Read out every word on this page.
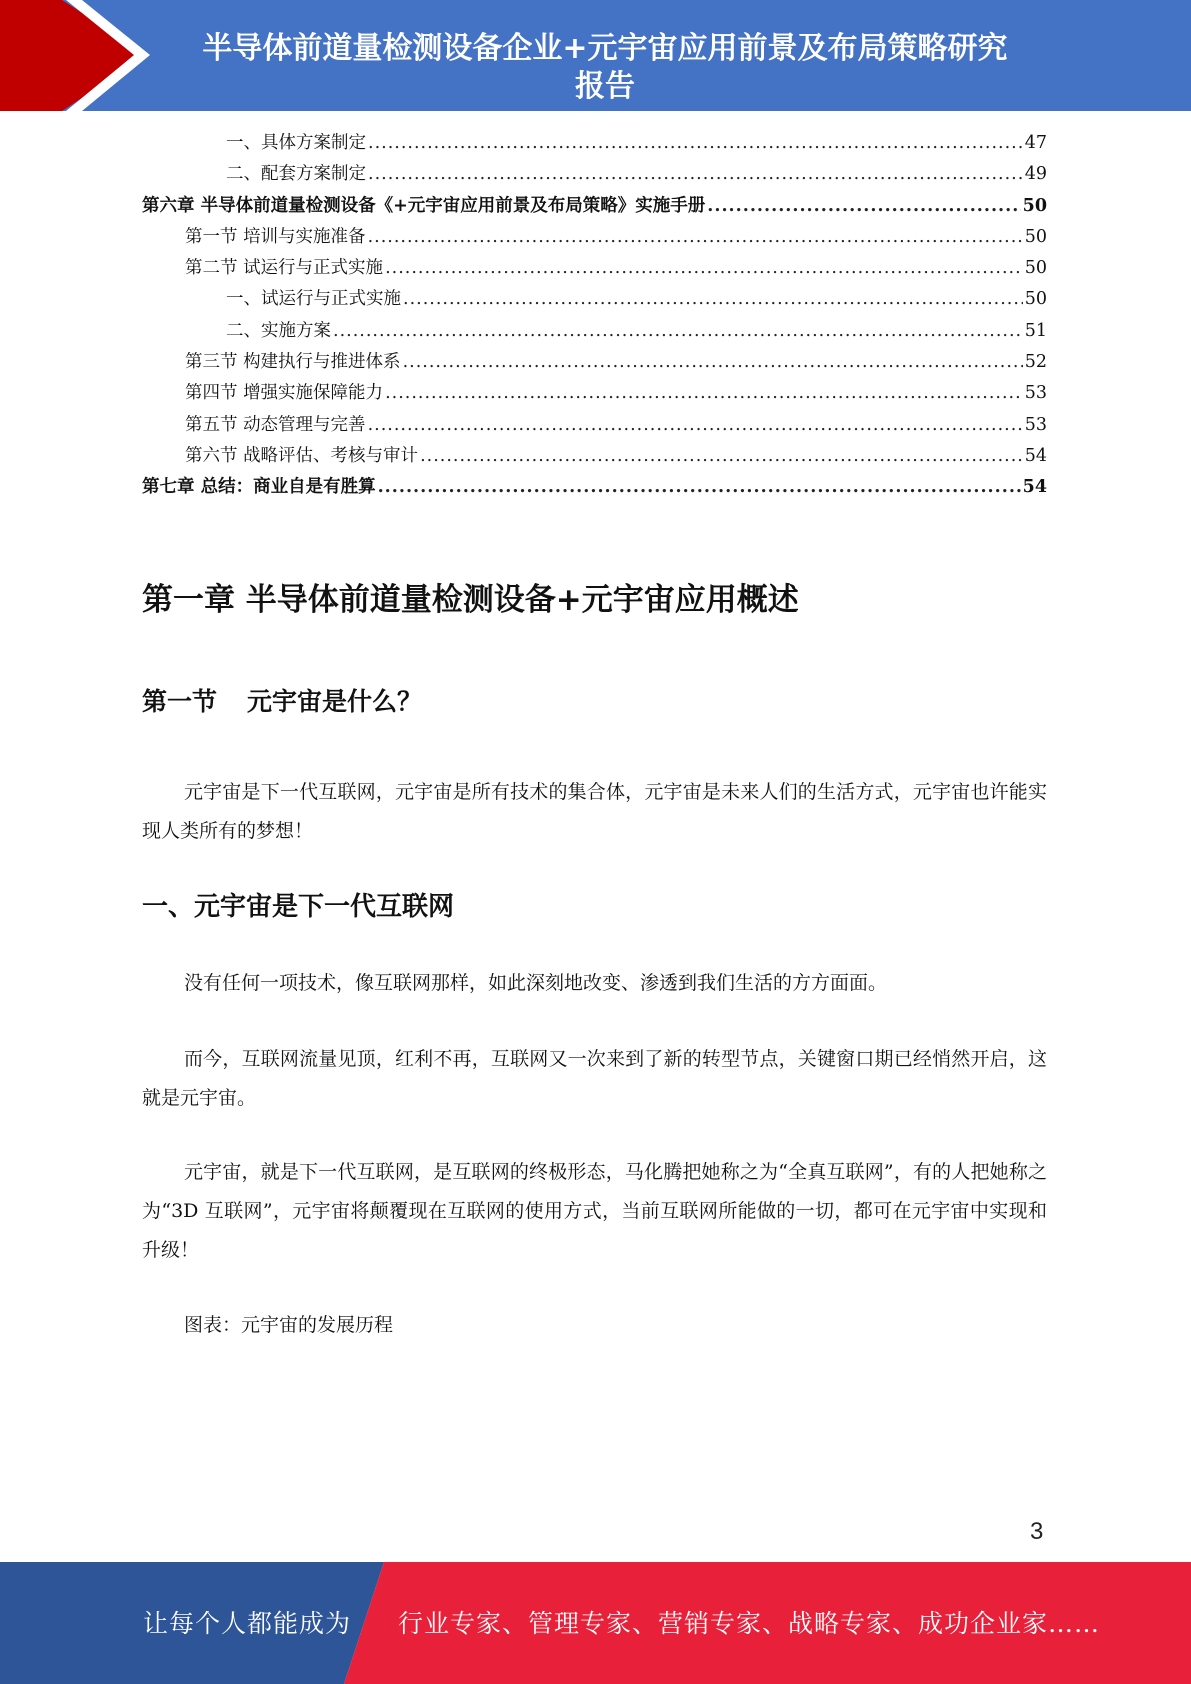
半导体前道量检测设备企业+元宇宙应用前景及布局策略研究
报告
一、具体方案制定 .....	47
二、配套方案制定 .....	49
第六章 半导体前道量检测设备《+元宇宙应用前景及布局策略》实施手册 .....	50
第一节 培训与实施准备 .....	50
第二节 试运行与正式实施 .....	50
一、试运行与正式实施 .....	50
二、实施方案 .....	51
第三节 构建执行与推进体系 .....	52
第四节 增强实施保障能力 .....	53
第五节 动态管理与完善 .....	53
第六节 战略评估、考核与审计 .....	54
第七章 总结：商业自是有胜算 .....	54
第一章 半导体前道量检测设备+元宇宙应用概述
第一节 元宇宙是什么？

元宇宙是下一代互联网，元宇宙是所有技术的集合体，元宇宙是未来人们的生活方式，元宇宙也许能实现人类所有的梦想！

一、元宇宙是下一代互联网

没有任何一项技术，像互联网那样，如此深刻地改变、渗透到我们生活的方方面面。

而今，互联网流量见顶，红利不再，互联网又一次来到了新的转型节点，关键窗口期已经悄然开启，这就是元宇宙。

元宇宙，就是下一代互联网，是互联网的终极形态，马化腾把她称之为“全真互联网”，有的人把她称之为“3D 互联网”，元宇宙将颠覆现在互联网的使用方式，当前互联网所能做的一切，都可在元宇宙中实现和升级！

图表：元宇宙的发展历程

3
让每个人都能成为 行业专家、管理专家、营销专家、战略专家、成功企业家……
